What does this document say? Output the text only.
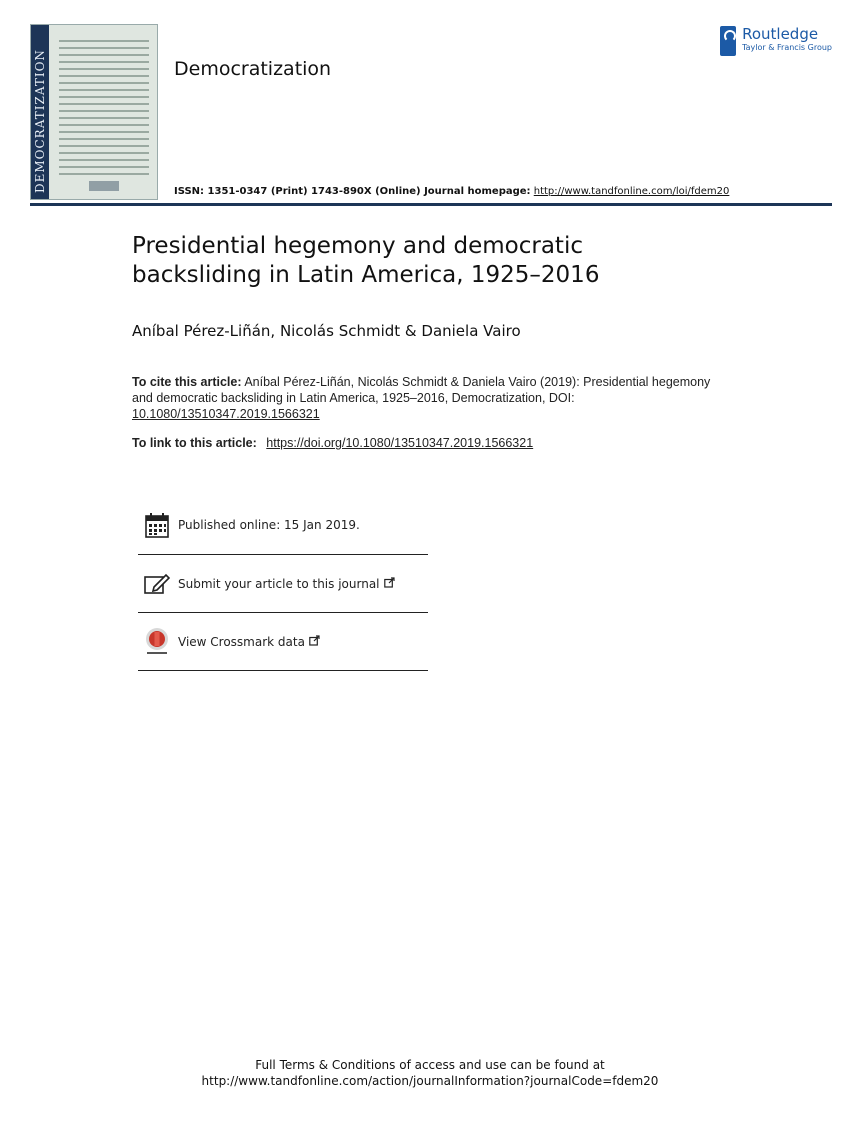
DEMOCRATIZATION	Democratization
Routledge
Taylor & Francis Group
ISSN: 1351-0347 (Print) 1743-890X (Online) Journal homepage: http://www.tandfonline.com/loi/fdem20
Presidential hegemony and democratic
backsliding in Latin America, 1925–2016
Aníbal Pérez-Liñán, Nicolás Schmidt & Daniela Vairo
To cite this article: Aníbal Pérez-Liñán, Nicolás Schmidt & Daniela Vairo (2019): Presidential hegemony and democratic backsliding in Latin America, 1925–2016, Democratization, DOI: 10.1080/13510347.2019.1566321
To link to this article: https://doi.org/10.1080/13510347.2019.1566321
Published online: 15 Jan 2019.
Submit your article to this journal
View Crossmark data
Full Terms & Conditions of access and use can be found at
http://www.tandfonline.com/action/journalInformation?journalCode=fdem20
